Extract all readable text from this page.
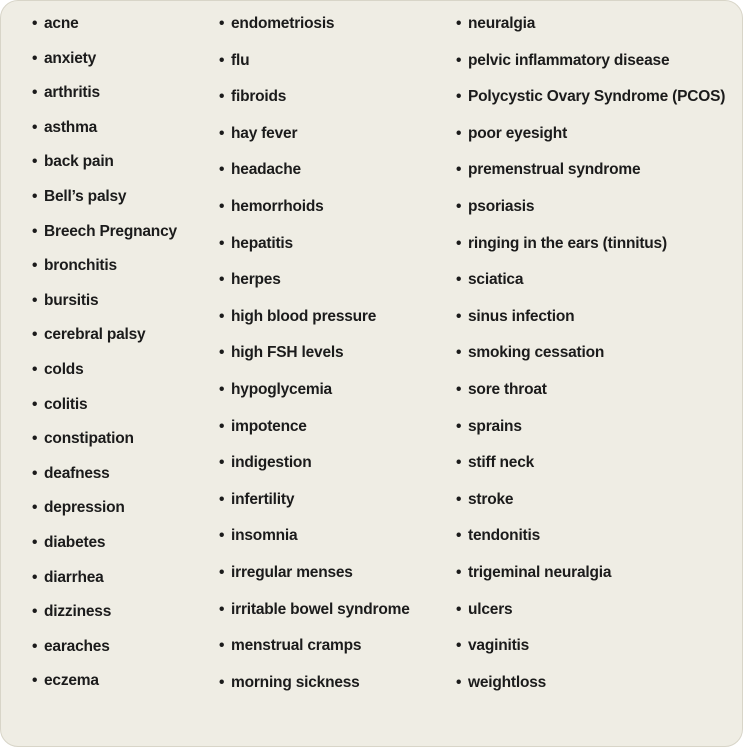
• acne
• anxiety
• arthritis
• asthma
• back pain
• Bell’s palsy
• Breech Pregnancy
• bronchitis
• bursitis
• cerebral palsy
• colds
• colitis
• constipation
• deafness
• depression
• diabetes
• diarrhea
• dizziness
• earaches
• eczema
• endometriosis
• flu
• fibroids
• hay fever
• headache
• hemorrhoids
• hepatitis
• herpes
• high blood pressure
• high FSH levels
• hypoglycemia
• impotence
• indigestion
• infertility
• insomnia
• irregular menses
• irritable bowel syndrome
• menstrual cramps
• morning sickness
• neuralgia
• pelvic inflammatory disease
• Polycystic Ovary Syndrome (PCOS)
• poor eyesight
• premenstrual syndrome
• psoriasis
• ringing in the ears (tinnitus)
• sciatica
• sinus infection
• smoking cessation
• sore throat
• sprains
• stiff neck
• stroke
• tendonitis
• trigeminal neuralgia
• ulcers
• vaginitis
• weightloss
